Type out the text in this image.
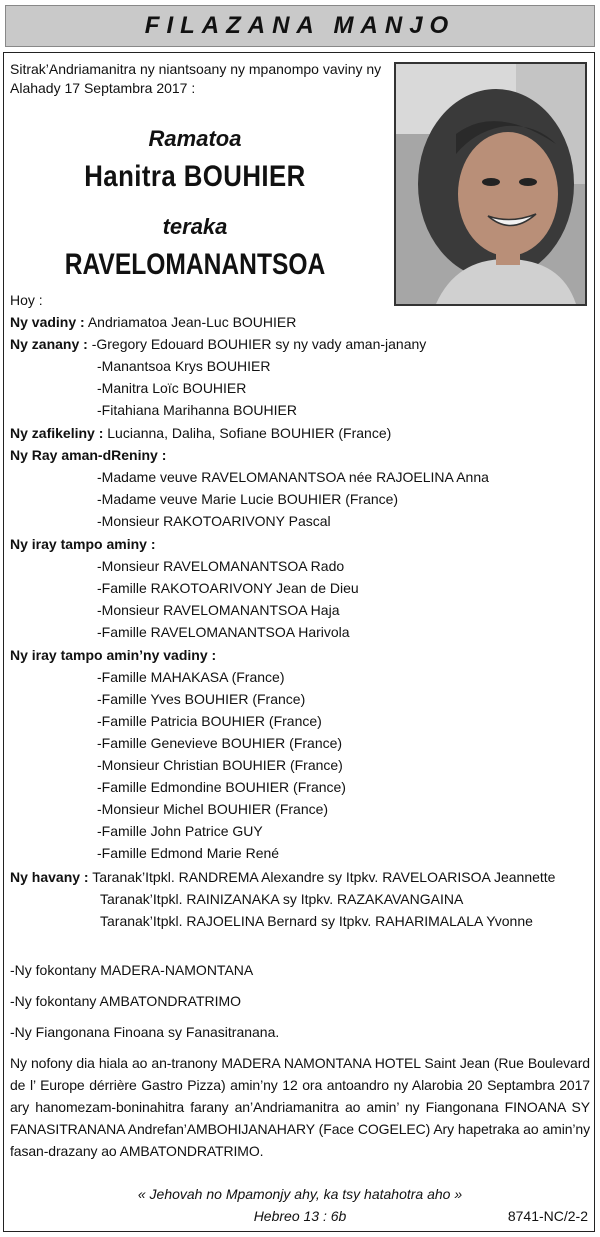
FILAZANA MANJO
Sitrak’Andriamanitra ny niantsoany ny mpanompo vaviny ny
Alahady 17 Septambra 2017 :
Ramatoa
Hanitra BOUHIER
teraka
RAVELOMANANTSOA
Hoy :
Ny vadiny : Andriamatoa Jean-Luc BOUHIER
Ny zanany : -Gregory Edouard BOUHIER sy ny vady aman-janany
-Manantsoa Krys BOUHIER
-Manitra Loïc BOUHIER
-Fitahiana Marihanna BOUHIER
Ny zafikeliny : Lucianna, Daliha, Sofiane BOUHIER (France)
Ny Ray aman-dReniny :
-Madame veuve RAVELOMANANTSOA née RAJOELINA Anna
-Madame veuve Marie Lucie BOUHIER (France)
-Monsieur RAKOTOARIVONY Pascal
Ny iray tampo aminy :
-Monsieur RAVELOMANANTSOA Rado
-Famille RAKOTOARIVONY Jean de Dieu
-Monsieur RAVELOMANANTSOA Haja
-Famille RAVELOMANANTSOA Harivola
Ny iray tampo amin’ny vadiny :
-Famille MAHAKASA (France)
-Famille Yves BOUHIER (France)
-Famille Patricia BOUHIER (France)
-Famille Genevieve BOUHIER (France)
-Monsieur Christian BOUHIER (France)
-Famille Edmondine BOUHIER (France)
-Monsieur Michel BOUHIER (France)
-Famille John Patrice GUY
-Famille Edmond Marie René
Ny havany : Taranak’Itpkl. RANDREMA Alexandre sy Itpkv. RAVELOARISOA Jeannette
Taranak’Itpkl. RAINIZANAKA sy Itpkv. RAZAKAVANGAINA
Taranak’Itpkl. RAJOELINA Bernard sy Itpkv. RAHARIMALALA Yvonne
-Ny fokontany MADERA-NAMONTANA
-Ny fokontany AMBATONDRATRIMO
-Ny Fiangonana Finoana sy Fanasitranana.
Ny nofony dia hiala ao an-tranony MADERA NAMONTANA HOTEL Saint Jean (Rue Boulevard de l’ Europe dérrière Gastro Pizza) amin’ny 12 ora antoandro ny Alarobia 20 Septambra 2017 ary hanomezam-boninahitra farany an’Andriamanitra ao amin’ ny Fiangonana FINOANA SY FANASITRANANA Andrefan’AMBOHIJANAHARY (Face COGELEC) Ary hapetraka ao amin’ny fasan-drazany ao AMBATONDRATRIMO.
« Jehovah no Mpamonjy ahy, ka tsy hatahotra aho »
Hebreo 13 : 6b	8741-NC/2-2
